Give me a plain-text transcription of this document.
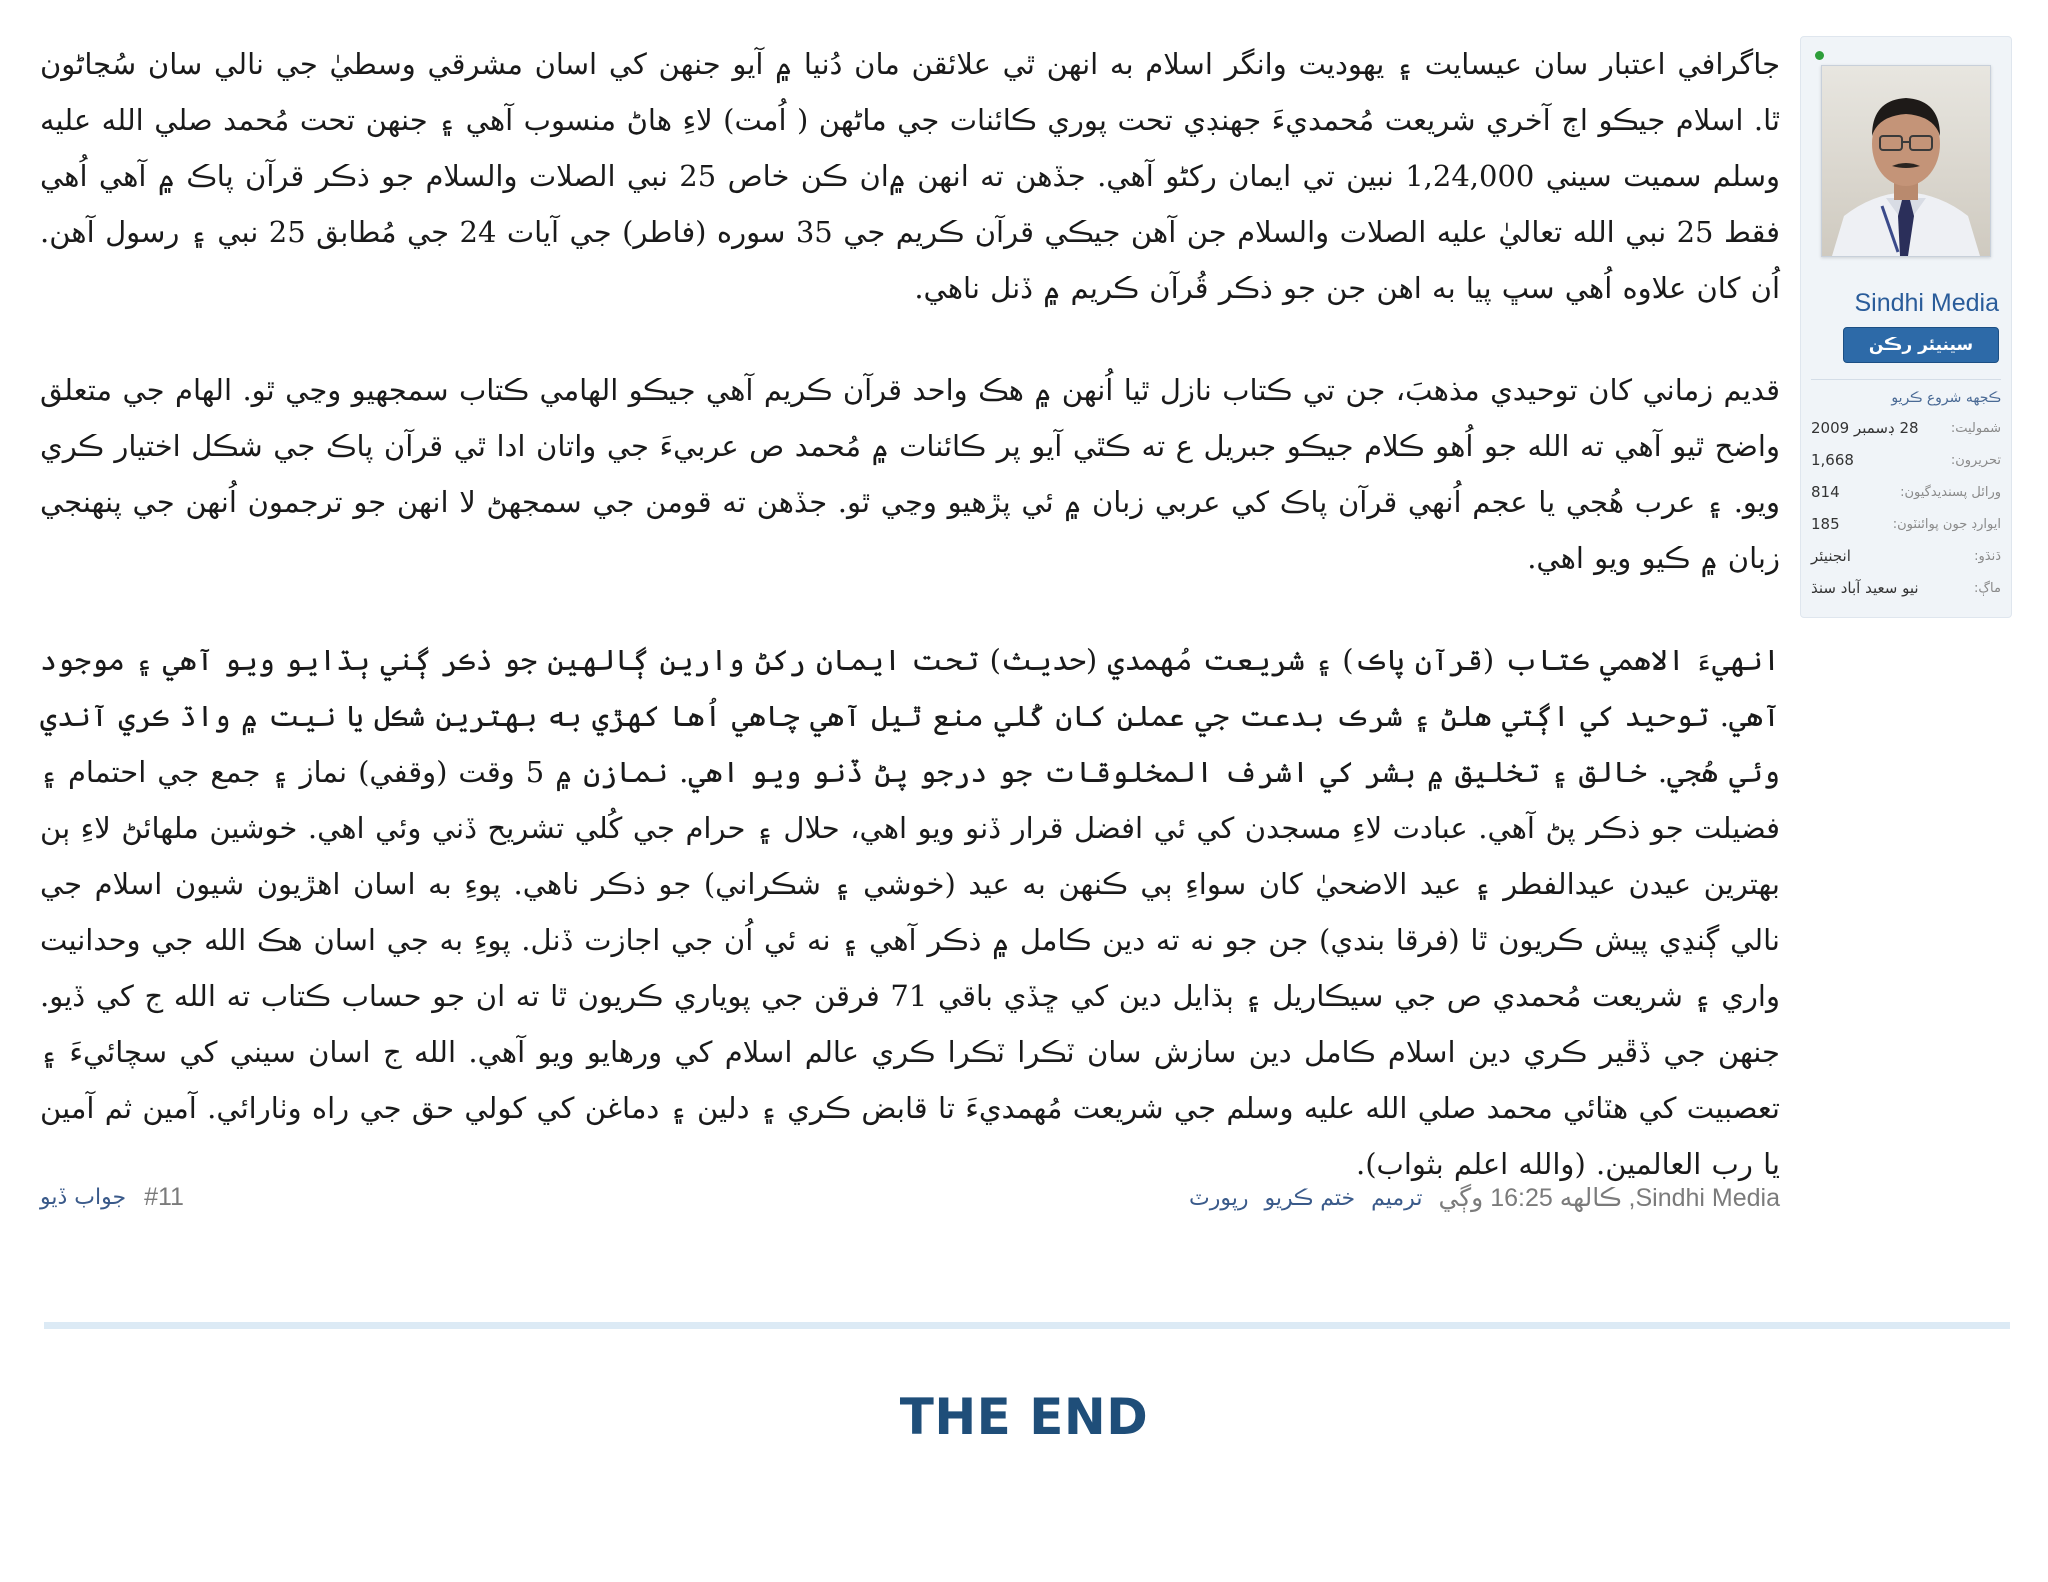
جاگرافي اعتبار سان عيسايت ۽ يهوديت وانگر اسلام به انهن ٿي علائقن مان دُنيا ۾ آيو جنهن کي اسان مشرقي وسطيٰ جي نالي سان سُڃاڻون ٿا. اسلام جيڪو اڄ آخري شريعت مُحمديءَ جهنڊي تحت پوري ڪائنات جي ماڻهن ( اُمت) لاءِ هاڻ منسوب آهي ۽ جنهن تحت مُحمد صلي الله عليه وسلم سميت سيني 1,24,000 نبين تي ايمان رکڻو آهي. جڏهن ته انهن ۾ان ڪن خاص 25 نبي الصلات والسلام جو ذڪر قرآن پاڪ ۾ آهي اُهي فقط 25 نبي الله تعاليٰ عليه الصلات والسلام جن آهن جيڪي قرآن ڪريم جي 35 سوره (فاطر) جي آيات 24 جي مُطابق 25 نبي ۽ رسول آهن. اُن کان علاوه اُهي سڀ پيا به اهن جن جو ذڪر قُرآن ڪريم ۾ ڏنل ناهي.

قديم زماني کان توحيدي مذهبَ، جن تي ڪتاب نازل ٿيا اُنهن ۾ هڪ واحد قرآن ڪريم آهي جيڪو الهامي ڪتاب سمجهيو وڃي ٿو. الهام جي متعلق واضح ٿيو آهي ته الله جو اُهو ڪلام جيڪو جبريل ع ته ڪٿي آيو پر ڪائنات ۾ مُحمد ص عربيءَ جي واتان ادا ٿي قرآن پاڪ جي شڪل اختيار ڪري ويو. ۽ عرب هُجي يا عجم اُنهي قرآن پاڪ کي عربي زبان ۾ ئي پڙهيو وڃي ٿو. جڏهن ته قومن جي سمجهڻ لا انهن جو ترجمون اُنهن جي پنهنجي زبان ۾ ڪيو ويو اهي.

انهيءَ الاهمي ڪتاب (قرآن پاڪ) ۽ شريعت مُهمدي (حديث) تحت ايمان رکڻ وارين ڳالهين جو ذڪر ڳني ٻڌايو ويو آهي ۽ موجود آهي. توحيد کي اڳتي هلڻ ۽ شرڪ بدعت جي عملن کان کُلي منع ٿيل آهي چاهي اُها کهڙي به بهترين شڪل يا نيت ۾ واڌ ڪري آندي وئي هُجي. خالق ۽ تخليق ۾ بشر کي اشرف المخلوقات جو درجو پڻ ڏنو ويو اهي. نمازن ۾ 5 وقت (وقفي) نماز ۽ جمع جي احتمام ۽ فضيلت جو ذڪر پڻ آهي. عبادت لاءِ مسجدن کي ئي افضل قرار ڏنو ويو اهي، حلال ۽ حرام جي کُلي تشريح ڏني وئي اهي. خوشين ملهائڻ لاءِ ٻن بهترين عيدن عيدالفطر ۽ عيد الاضحيٰ کان سواءِ ٻي ڪنهن به عيد (خوشي ۽ شڪراني) جو ذڪر ناهي. پوءِ به اسان اهڙيون شيون اسلام جي نالي ڳنڍي پيش ڪريون ٿا (فرقا بندي) جن جو نه ته دين ڪامل ۾ ذڪر آهي ۽ نه ئي اُن جي اجازت ڏنل. پوءِ به جي اسان هڪ الله جي وحدانيت واري ۽ شريعت مُحمدي ص جي سيڪاريل ۽ ٻڌايل دين کي ڇڏي باقي 71 فرقن جي پوياري ڪريون ٿا ته ان جو حساب ڪتاب ته الله ج کي ڏيو. جنهن جي ڏڦير ڪري دين اسلام ڪامل دين سازش سان ٽڪرا ٽڪرا ڪري عالم اسلام کي ورهايو ويو آهي. الله ج اسان سيني کي سچائيءَ ۽ تعصبيت کي هٽائي محمد صلي الله عليه وسلم جي شريعت مُهمديءَ تا قابض ڪري ۽ دلين ۽ دماغن کي کولي حق جي راه وٺارائي. آمين ثم آمين يا رب العالمين. (والله اعلم بثواب).

جواب ڏيو #11	Sindhi Media, ڪالهه 16:25 وڳي
ترميم
ختم ڪريو
رپورٽ
Sindhi Media
سينيئر رڪن
ڪجهه شروع ڪريو
28 ڊسمبر 2009 شموليت:
1,668	تحريرون:
814	ورائل پسنديدگيون:
185	ايوارڊ جون پوائنٽون:
انجنيئر	ڌنڌو:
نيو سعيد آباد سنڌ	ماڳ:
THE END
